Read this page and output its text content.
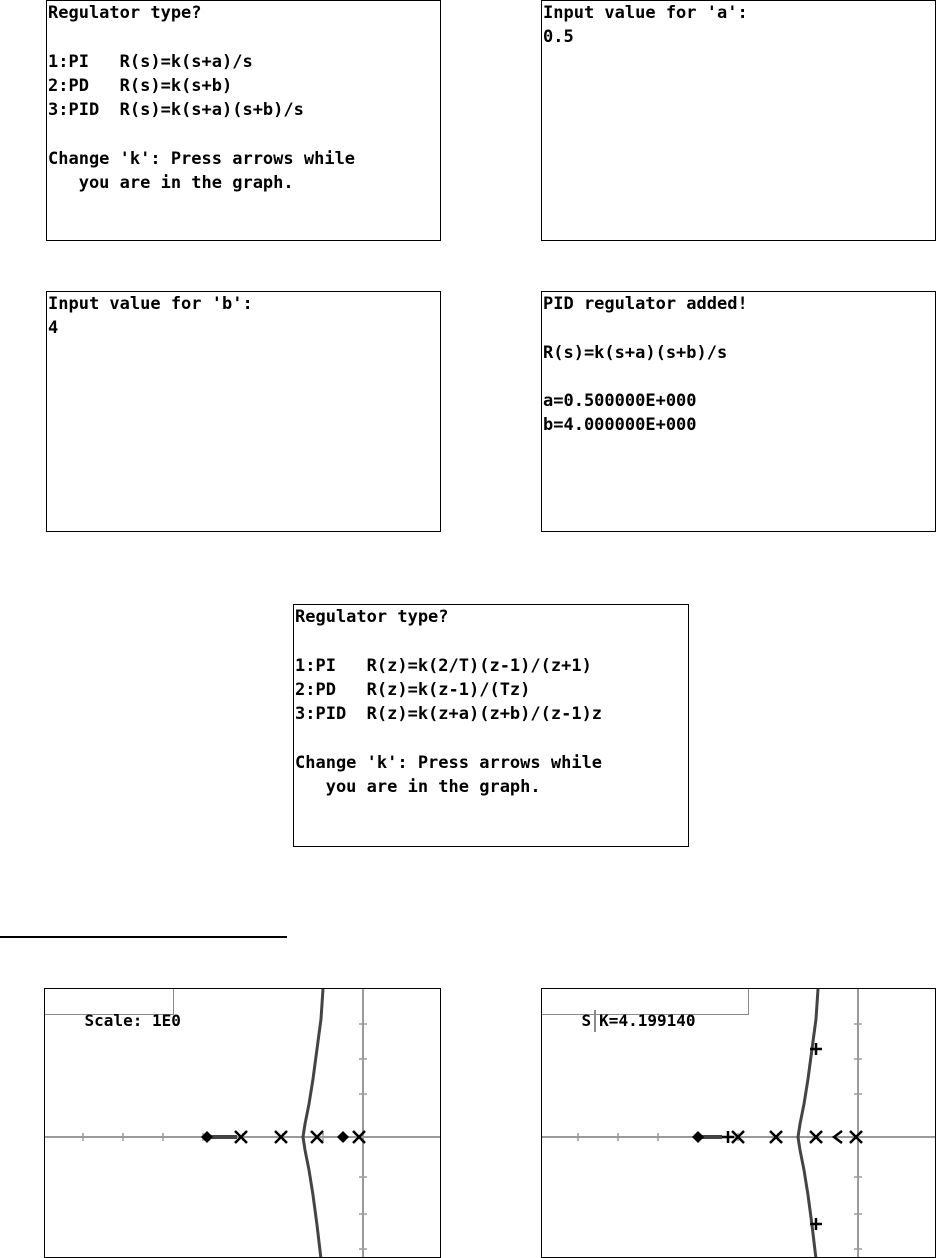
Regulator type?
1:PI   R(s)=k(s+a)/s
2:PD   R(s)=k(s+b)
3:PID  R(s)=k(s+a)(s+b)/s
Change 'k': Press arrows while
you are in the graph.
Input value for 'a':
0.5
Input value for 'b':
4
PID regulator added!
R(s)=k(s+a)(s+b)/s
a=0.500000E+000
b=4.000000E+000
Regulator type?
1:PI   R(z)=k(2/T)(z-1)/(z+1)
2:PD   R(z)=k(z-1)/(Tz)
3:PID  R(z)=k(z+a)(z+b)/(z-1)z
Change 'k': Press arrows while
you are in the graph.

Scale: 1E0
	S K=4.199140
